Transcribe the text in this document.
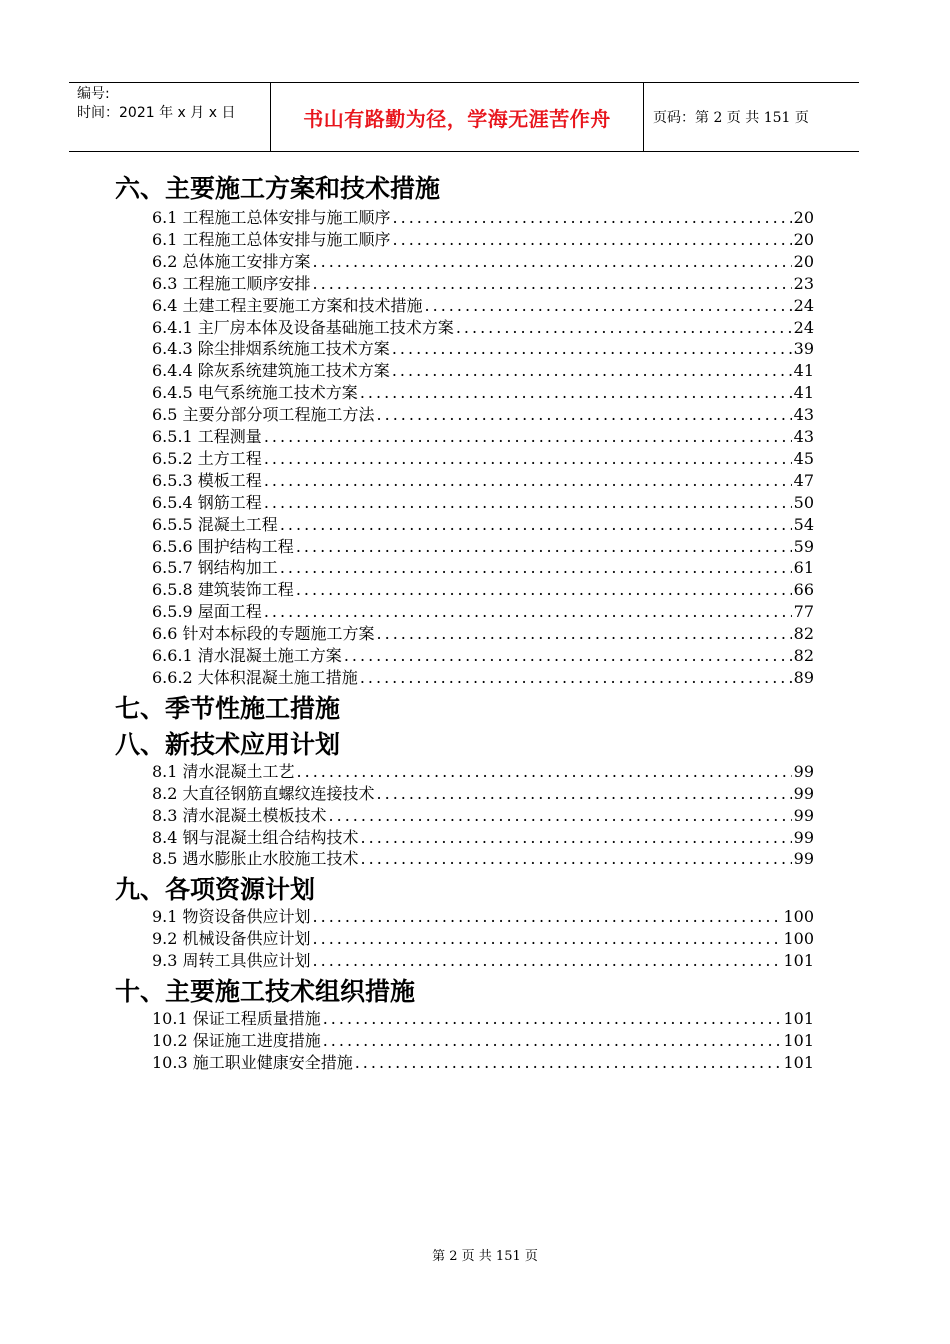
编号:
时间：2021 年 x 月 x 日	书山有路勤为径，学海无涯苦作舟	页码：第 2 页 共 151 页
六、主要施工方案和技术措施
6.1 工程施工总体安排与施工顺序 .....	20
6.1 工程施工总体安排与施工顺序 .....	20
6.2 总体施工安排方案 .....	20
6.3 工程施工顺序安排 .....	23
6.4 土建工程主要施工方案和技术措施 .....	24
6.4.1 主厂房本体及设备基础施工技术方案 .....	24
6.4.3 除尘排烟系统施工技术方案 .....	39
6.4.4 除灰系统建筑施工技术方案 .....	41
6.4.5 电气系统施工技术方案 .....	41
6.5 主要分部分项工程施工方法 .....	43
6.5.1 工程测量 .....	43
6.5.2 土方工程 .....	45
6.5.3 模板工程 .....	47
6.5.4 钢筋工程 .....	50
6.5.5 混凝土工程 .....	54
6.5.6 围护结构工程 .....	59
6.5.7 钢结构加工 .....	61
6.5.8 建筑装饰工程 .....	66
6.5.9 屋面工程 .....	77
6.6 针对本标段的专题施工方案 .....	82
6.6.1 清水混凝土施工方案 .....	82
6.6.2 大体积混凝土施工措施 .....	89
七、季节性施工措施
八、新技术应用计划
8.1 清水混凝土工艺 .....	99
8.2 大直径钢筋直螺纹连接技术 .....	99
8.3 清水混凝土模板技术 .....	99
8.4 钢与混凝土组合结构技术 .....	99
8.5 遇水膨胀止水胶施工技术 .....	99
九、各项资源计划
9.1 物资设备供应计划 .....	100
9.2 机械设备供应计划 .....	100
9.3 周转工具供应计划 .....	101
十、主要施工技术组织措施
10.1 保证工程质量措施 .....	101
10.2 保证施工进度措施 .....	101
10.3 施工职业健康安全措施 .....	101
第 2 页 共 151 页
